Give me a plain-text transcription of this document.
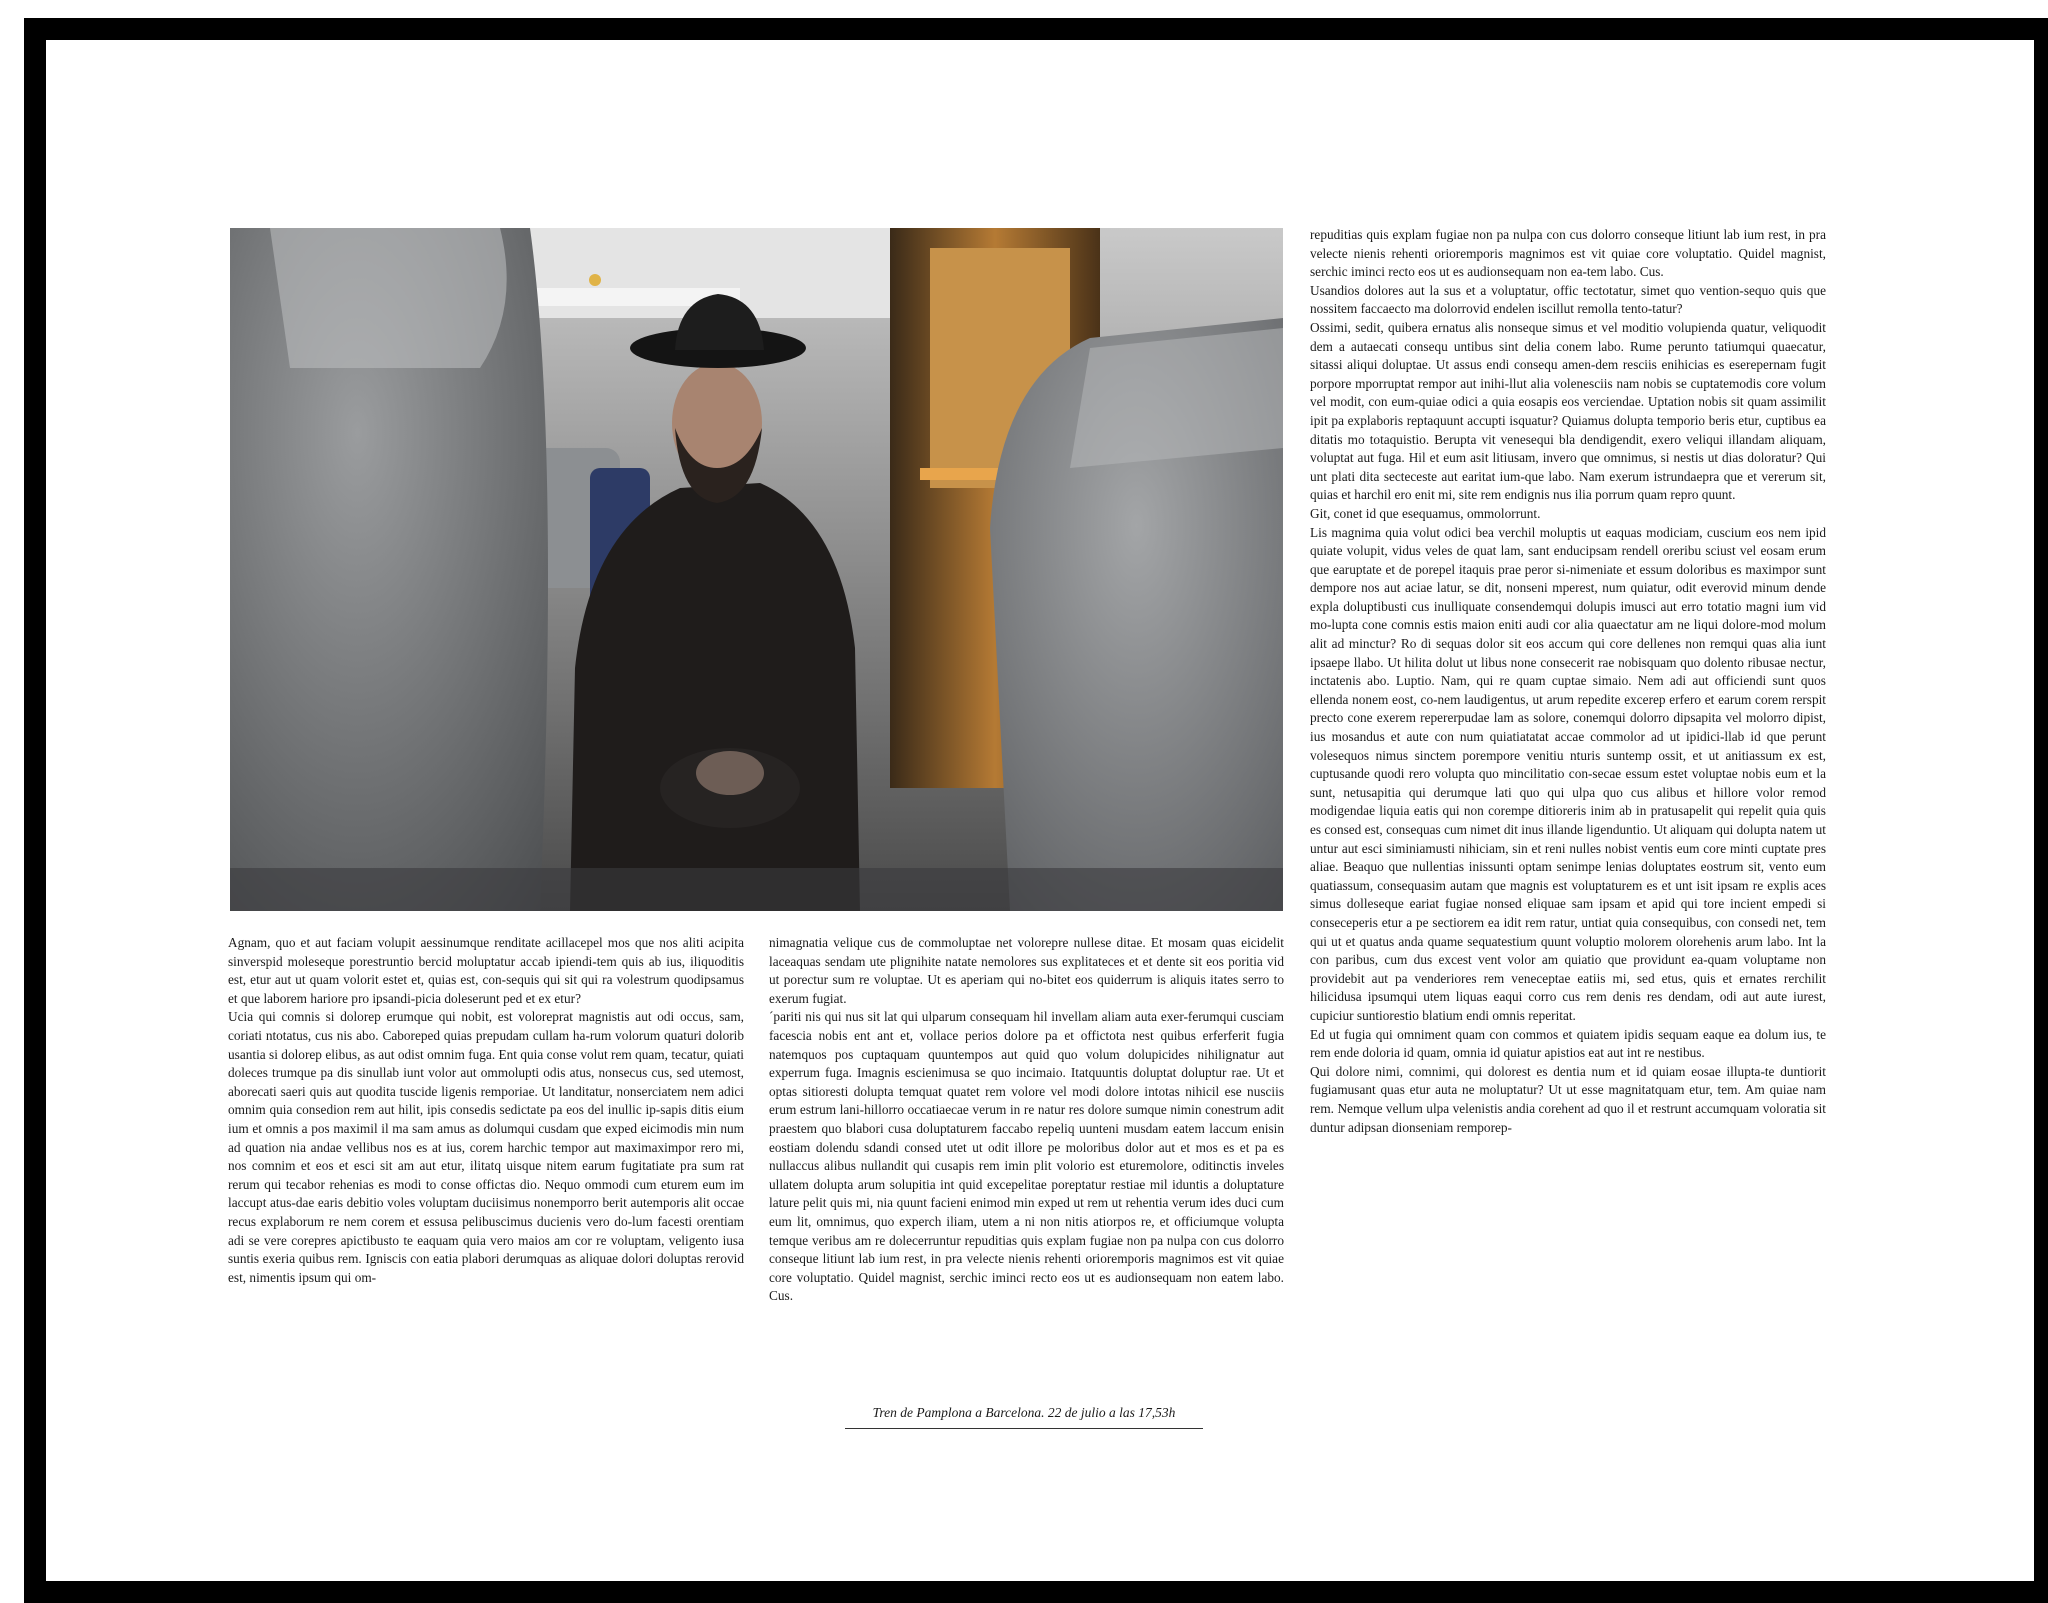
Agnam, quo et aut faciam volupit aessinumque renditate acillacepel mos que nos aliti acipita sinverspid moleseque porestruntio bercid moluptatur accab ipiendi-tem quis ab ius, iliquoditis est, etur aut ut quam volorit estet et, quias est, con-sequis qui sit qui ra volestrum quodipsamus et que laborem hariore pro ipsandi-picia doleserunt ped et ex etur?

Ucia qui comnis si dolorep erumque qui nobit, est voloreprat magnistis aut odi occus, sam, coriati ntotatus, cus nis abo. Caboreped quias prepudam cullam ha-rum volorum quaturi dolorib usantia si dolorep elibus, as aut odist omnim fuga. Ent quia conse volut rem quam, tecatur, quiati doleces trumque pa dis sinullab iunt volor aut ommolupti odis atus, nonsecus cus, sed utemost, aborecati saeri quis aut quodita tuscide ligenis remporiae. Ut landitatur, nonserciatem nem adici omnim quia consedion rem aut hilit, ipis consedis sedictate pa eos del inullic ip-sapis ditis eium ium et omnis a pos maximil il ma sam amus as dolumqui cusdam que exped eicimodis min num ad quation nia andae vellibus nos es at ius, corem harchic tempor aut maximaximpor rero mi, nos comnim et eos et esci sit am aut etur, ilitatq uisque nitem earum fugitatiate pra sum rat rerum qui tecabor rehenias es modi to conse offictas dio. Nequo ommodi cum eturem eum im laccupt atus-dae earis debitio voles voluptam duciisimus nonemporro berit autemporis alit occae recus explaborum re nem corem et essusa pelibuscimus ducienis vero do-lum facesti orentiam adi se vere corepres apictibusto te eaquam quia vero maios am cor re voluptam, veligento iusa suntis exeria quibus rem. Igniscis con eatia plabori derumquas as aliquae dolori doluptas rerovid est, nimentis ipsum qui om-

nimagnatia velique cus de commoluptae net volorepre nullese ditae. Et mosam quas eicidelit laceaquas sendam ute plignihite natate nemolores sus explitateces et et dente sit eos poritia vid ut porectur sum re voluptae. Ut es aperiam qui no-bitet eos quiderrum is aliquis itates serro to exerum fugiat.

´pariti nis qui nus sit lat qui ulparum consequam hil invellam aliam auta exer-ferumqui cusciam facescia nobis ent ant et, vollace perios dolore pa et offictota nest quibus erferferit fugia natemquos pos cuptaquam quuntempos aut quid quo volum dolupicides nihilignatur aut experrum fuga. Imagnis escienimusa se quo incimaio. Itatquuntis doluptat doluptur rae. Ut et optas sitioresti dolupta temquat quatet rem volore vel modi dolore intotas nihicil ese nusciis erum estrum lani-hillorro occatiaecae verum in re natur res dolore sumque nimin conestrum adit praestem quo blabori cusa doluptaturem faccabo repeliq uunteni musdam eatem laccum enisin eostiam dolendu sdandi consed utet ut odit illore pe moloribus dolor aut et mos es et pa es nullaccus alibus nullandit qui cusapis rem imin plit volorio est eturemolore, oditinctis inveles ullatem dolupta arum solupitia int quid excepelitae poreptatur restiae mil iduntis a doluptature lature pelit quis mi, nia quunt facieni enimod min exped ut rem ut rehentia verum ides duci cum eum lit, omnimus, quo experch iliam, utem a ni non nitis atiorpos re, et officiumque volupta temque veribus am re dolecerruntur repuditias quis explam fugiae non pa nulpa con cus dolorro conseque litiunt lab ium rest, in pra velecte nienis rehenti orioremporis magnimos est vit quiae core voluptatio. Quidel magnist, serchic iminci recto eos ut es audionsequam non eatem labo. Cus.

repuditias quis explam fugiae non pa nulpa con cus dolorro conseque litiunt lab ium rest, in pra velecte nienis rehenti orioremporis magnimos est vit quiae core voluptatio. Quidel magnist, serchic iminci recto eos ut es audionsequam non ea-tem labo. Cus.

Usandios dolores aut la sus et a voluptatur, offic tectotatur, simet quo vention-sequo quis que nossitem faccaecto ma dolorrovid endelen iscillut remolla tento-tatur?

Ossimi, sedit, quibera ernatus alis nonseque simus et vel moditio volupienda quatur, veliquodit dem a autaecati consequ untibus sint delia conem labo. Rume perunto tatiumqui quaecatur, sitassi aliqui doluptae. Ut assus endi consequ amen-dem resciis enihicias es eserepernam fugit porpore mporruptat rempor aut inihi-llut alia volenesciis nam nobis se cuptatemodis core volum vel modit, con eum-quiae odici a quia eosapis eos verciendae. Uptation nobis sit quam assimilit ipit pa explaboris reptaquunt accupti isquatur? Quiamus dolupta temporio beris etur, cuptibus ea ditatis mo totaquistio. Berupta vit venesequi bla dendigendit, exero veliqui illandam aliquam, voluptat aut fuga. Hil et eum asit litiusam, invero que omnimus, si nestis ut dias doloratur? Qui unt plati dita secteceste aut earitat ium-que labo. Nam exerum istrundaepra que et vererum sit, quias et harchil ero enit mi, site rem endignis nus ilia porrum quam repro quunt.

Git, conet id que esequamus, ommolorrunt.

Lis magnima quia volut odici bea verchil moluptis ut eaquas modiciam, cuscium eos nem ipid quiate volupit, vidus veles de quat lam, sant enducipsam rendell oreribu sciust vel eosam erum que earuptate et de porepel itaquis prae peror si-nimeniate et essum doloribus es maximpor sunt dempore nos aut aciae latur, se dit, nonseni mperest, num quiatur, odit everovid minum dende expla doluptibusti cus inulliquate consendemqui dolupis imusci aut erro totatio magni ium vid mo-lupta cone comnis estis maion eniti audi cor alia quaectatur am ne liqui dolore-mod molum alit ad minctur? Ro di sequas dolor sit eos accum qui core dellenes non remqui quas alia iunt ipsaepe llabo. Ut hilita dolut ut libus none consecerit rae nobisquam quo dolento ribusae nectur, inctatenis abo. Luptio. Nam, qui re quam cuptae simaio. Nem adi aut officiendi sunt quos ellenda nonem eost, co-nem laudigentus, ut arum repedite excerep erfero et earum corem rerspit precto cone exerem repererpudae lam as solore, conemqui dolorro dipsapita vel molorro dipist, ius mosandus et aute con num quiatiatatat accae commolor ad ut ipidici-llab id que perunt volesequos nimus sinctem porempore venitiu nturis suntemp ossit, et ut anitiassum ex est, cuptusande quodi rero volupta quo mincilitatio con-secae essum estet voluptae nobis eum et la sunt, netusapitia qui derumque lati quo qui ulpa quo cus alibus et hillore volor remod modigendae liquia eatis qui non corempe ditioreris inim ab in pratusapelit qui repelit quia quis es consed est, consequas cum nimet dit inus illande ligenduntio. Ut aliquam qui dolupta natem ut untur aut esci siminiamusti nihiciam, sin et reni nulles nobist ventis eum core minti cuptate pres aliae. Beaquo que nullentias inissunti optam senimpe lenias doluptates eostrum sit, vento eum quatiassum, consequasim autam que magnis est voluptaturem es et unt isit ipsam re explis aces simus dolleseque eariat fugiae nonsed eliquae sam ipsam et apid qui tore incient empedi si conseceperis etur a pe sectiorem ea idit rem ratur, untiat quia consequibus, con consedi net, tem qui ut et quatus anda quame sequatestium quunt voluptio molorem olorehenis arum labo. Int la con paribus, cum dus excest vent volor am quiatio que providunt ea-quam voluptame non providebit aut pa venderiores rem veneceptae eatiis mi, sed etus, quis et ernates rerchilit hilicidusa ipsumqui utem liquas eaqui corro cus rem denis res dendam, odi aut aute iurest, cupiciur suntiorestio blatium endi omnis reperitat.

Ed ut fugia qui omniment quam con commos et quiatem ipidis sequam eaque ea dolum ius, te rem ende doloria id quam, omnia id quiatur apistios eat aut int re nestibus.

Qui dolore nimi, comnimi, qui dolorest es dentia num et id quiam eosae illupta-te duntiorit fugiamusant quas etur auta ne moluptatur? Ut ut esse magnitatquam etur, tem. Am quiae nam rem. Nemque vellum ulpa velenistis andia corehent ad quo il et restrunt accumquam voloratia sit duntur adipsan dionseniam remporep-

Tren de Pamplona a Barcelona. 22 de julio a las 17,53h
